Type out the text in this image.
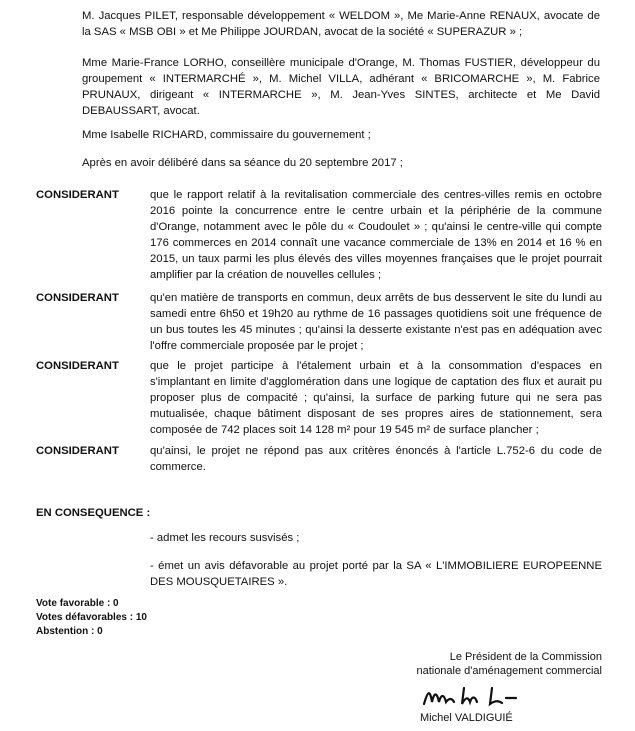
M. Jacques PILET, responsable développement « WELDOM », Me Marie-Anne RENAUX, avocate de la SAS « MSB OBI » et Me Philippe JOURDAN, avocat de la société « SUPERAZUR » ;

Mme Marie-France LORHO, conseillère municipale d'Orange, M. Thomas FUSTIER, développeur du groupement « INTERMARCHÉ », M. Michel VILLA, adhérant « BRICOMARCHE », M. Fabrice PRUNAUX, dirigeant « INTERMARCHE », M. Jean-Yves SINTES, architecte et Me David DEBAUSSART, avocat.

Mme Isabelle RICHARD, commissaire du gouvernement ;

Après en avoir délibéré dans sa séance du 20 septembre 2017 ;

CONSIDERANT	que le rapport relatif à la revitalisation commerciale des centres-villes remis en octobre 2016 pointe la concurrence entre le centre urbain et la périphérie de la commune d'Orange, notamment avec le pôle du « Coudoulet » ; qu'ainsi le centre-ville qui compte 176 commerces en 2014 connaît une vacance commerciale de 13% en 2014 et 16 % en 2015, un taux parmi les plus élevés des villes moyennes françaises que le projet pourrait amplifier par la création de nouvelles cellules ;

CONSIDERANT	qu'en matière de transports en commun, deux arrêts de bus desservent le site du lundi au samedi entre 6h50 et 19h20 au rythme de 16 passages quotidiens soit une fréquence de un bus toutes les 45 minutes ; qu'ainsi la desserte existante n'est pas en adéquation avec l'offre commerciale proposée par le projet ;

CONSIDERANT	que le projet participe à l'étalement urbain et à la consommation d'espaces en s'implantant en limite d'agglomération dans une logique de captation des flux et aurait pu proposer plus de compacité ; qu'ainsi, la surface de parking future qui ne sera pas mutualisée, chaque bâtiment disposant de ses propres aires de stationnement, sera composée de 742 places soit 14 128 m² pour 19 545 m² de surface plancher ;

CONSIDERANT	qu'ainsi, le projet ne répond pas aux critères énoncés à l'article L.752-6 du code de commerce.

EN CONSEQUENCE :

- admet les recours susvisés ;

- émet un avis défavorable au projet porté par la SA « L'IMMOBILIERE EUROPEENNE DES MOUSQUETAIRES ».

Vote favorable : 0
Votes défavorables : 10
Abstention : 0
Le Président de la Commission
nationale d'aménagement commercial
Michel VALDIGUIÉ
